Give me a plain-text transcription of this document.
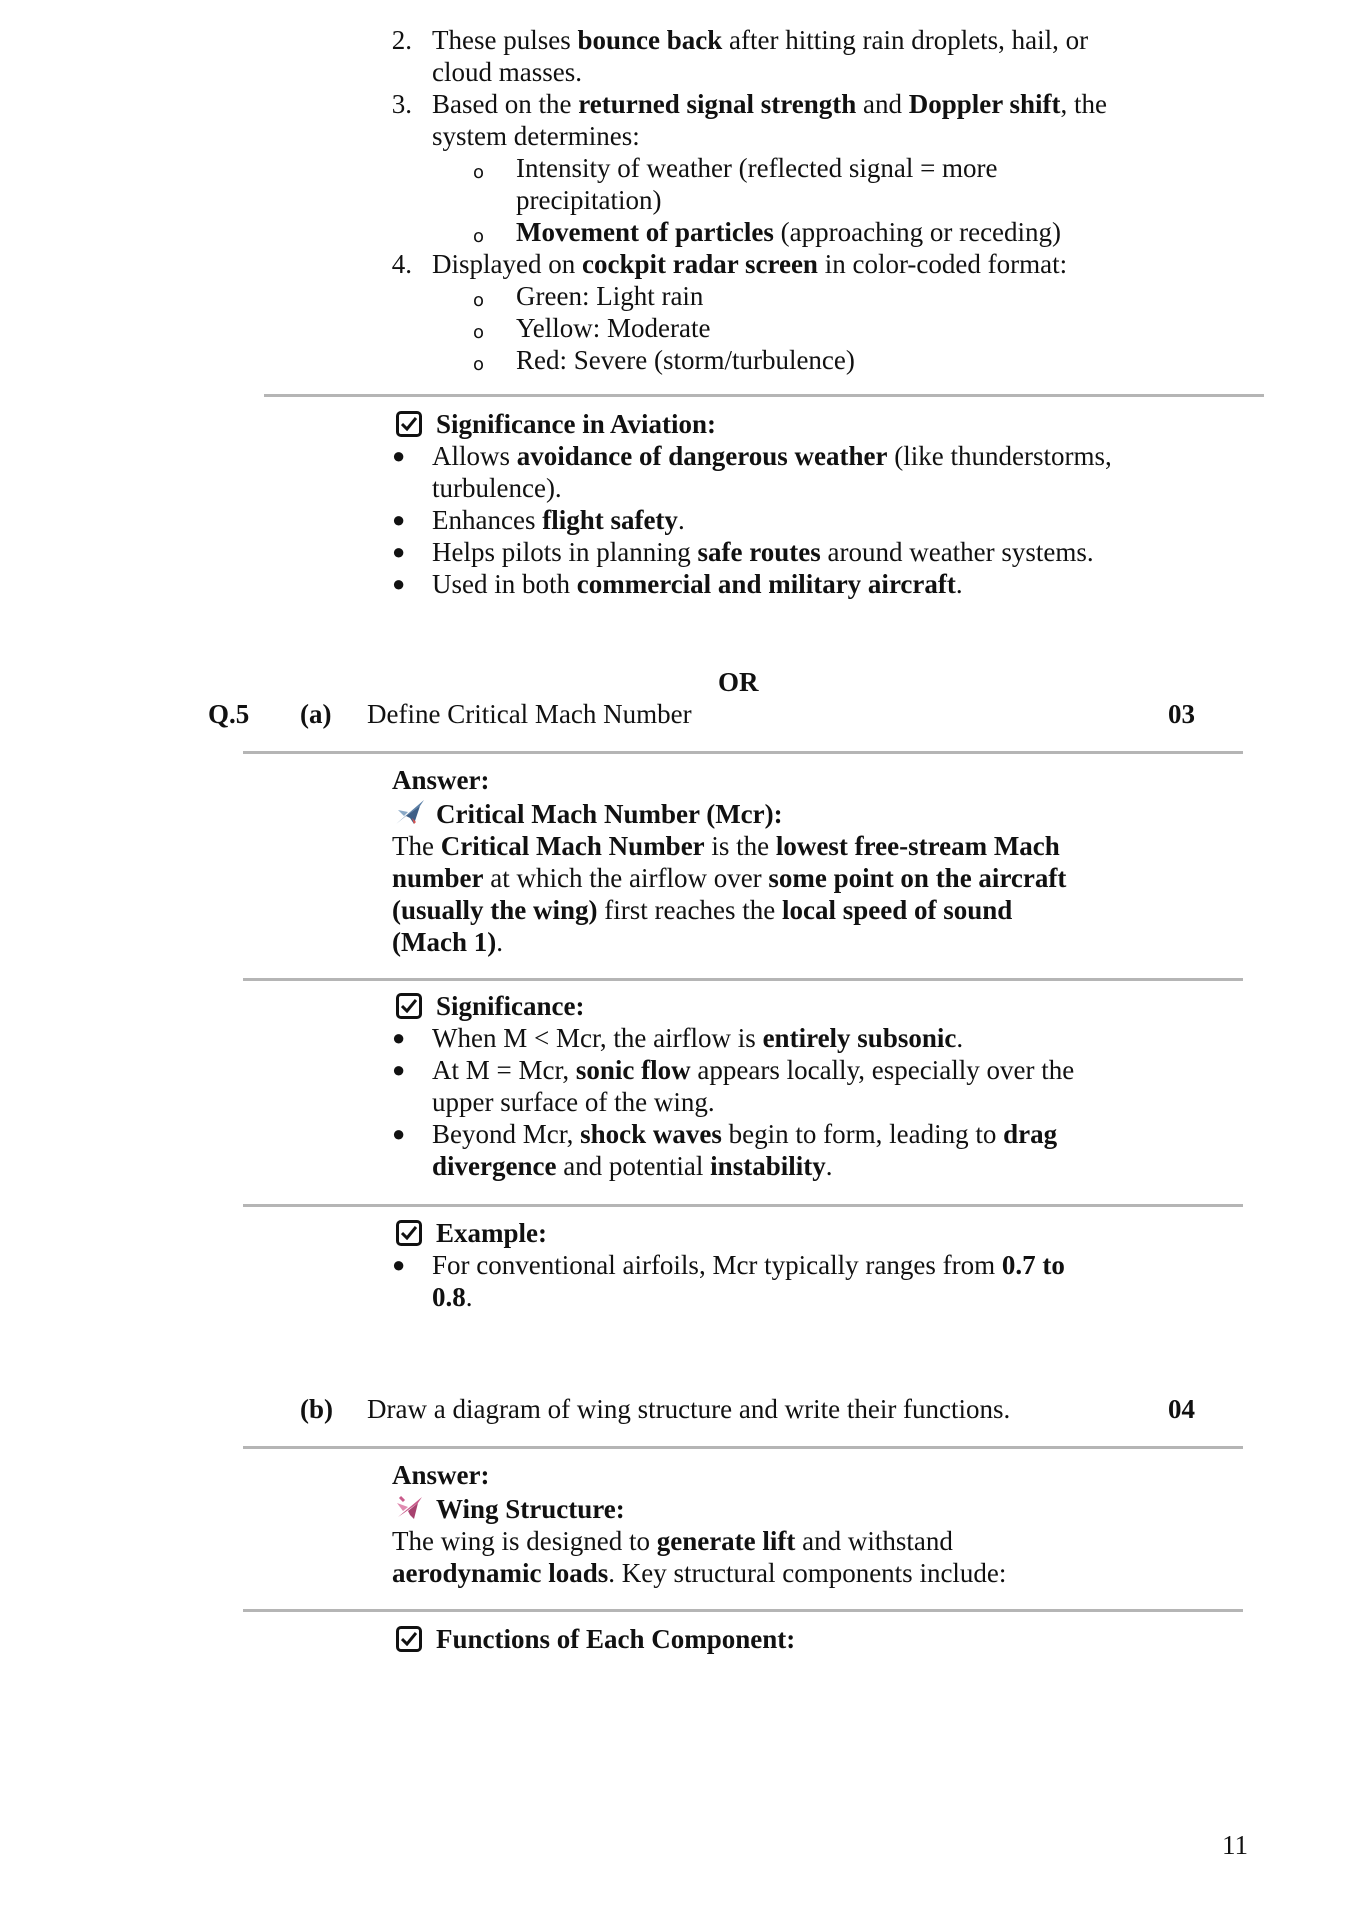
2. These pulses bounce back after hitting rain droplets, hail, or
cloud masses.
3. Based on the returned signal strength and Doppler shift, the
system determines:
o Intensity of weather (reflected signal = more
precipitation)
o Movement of particles (approaching or receding)
4. Displayed on cockpit radar screen in color-coded format:
o Green: Light rain
o Yellow: Moderate
o Red: Severe (storm/turbulence)
Significance in Aviation:
● Allows avoidance of dangerous weather (like thunderstorms,
turbulence).
● Enhances flight safety.
● Helps pilots in planning safe routes around weather systems.
● Used in both commercial and military aircraft.
OR
Q.5 (a) Define Critical Mach Number	03
Answer:
Critical Mach Number (Mcr):
The Critical Mach Number is the lowest free-stream Mach
number at which the airflow over some point on the aircraft
(usually the wing) first reaches the local speed of sound
(Mach 1).
Significance:
● When M < Mcr, the airflow is entirely subsonic.
● At M = Mcr, sonic flow appears locally, especially over the
upper surface of the wing.
● Beyond Mcr, shock waves begin to form, leading to drag
divergence and potential instability.
Example:
● For conventional airfoils, Mcr typically ranges from 0.7 to
0.8.
(b) Draw a diagram of wing structure and write their functions.	04
Answer:
Wing Structure:
The wing is designed to generate lift and withstand
aerodynamic loads. Key structural components include:
Functions of Each Component:
11
